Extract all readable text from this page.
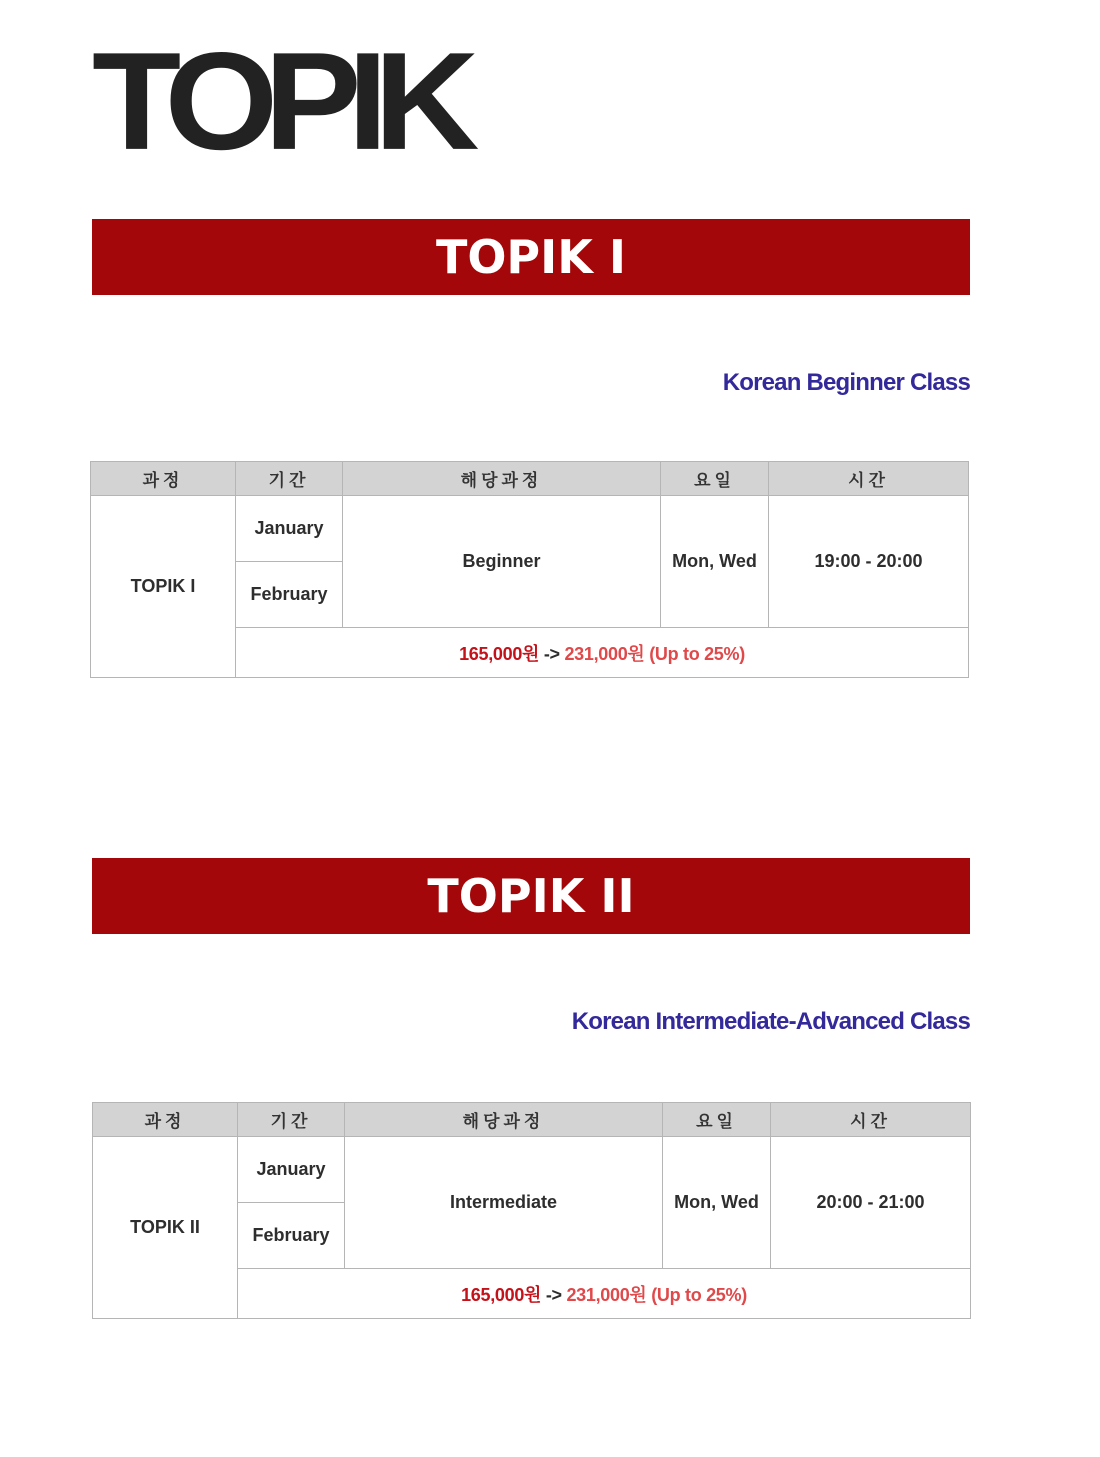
TOPIK
TOPIK I
Korean Beginner Class
과정	기간	해당과정	요일	시간
TOPIK I	January	Beginner	Mon, Wed	19:00 - 20:00
	February			
	165,000원 -> 231,000원 (Up to 25%)			
TOPIK II
Korean Intermediate-Advanced Class
과정	기간	해당과정	요일	시간
TOPIK II	January	Intermediate	Mon, Wed	20:00 - 21:00
	February			
	165,000원 -> 231,000원 (Up to 25%)			
